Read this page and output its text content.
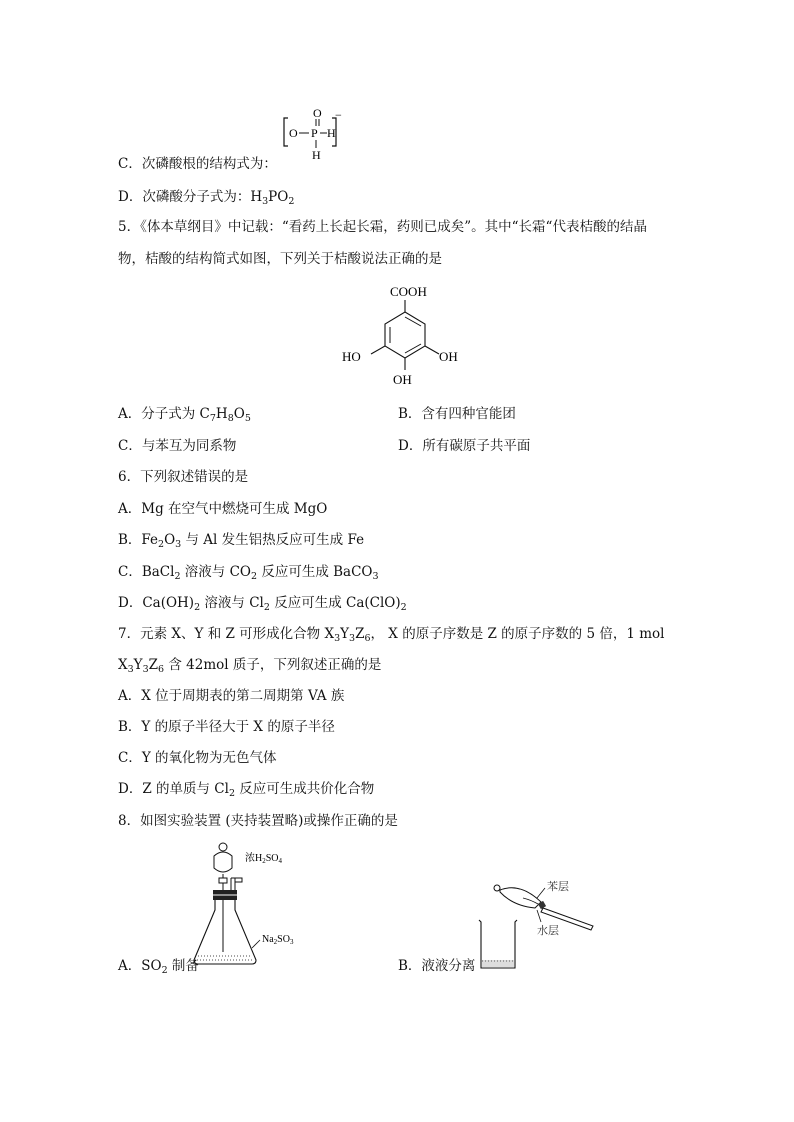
O
O P H
H
−
C．次磷酸根的结构式为：
D．次磷酸分子式为：$H_3PO_2$
5．《体本草纲目》中记载：“看药上长起长霜，药则已成矣”。其中“长霜“代表桔酸的结晶
物，桔酸的结构简式如图，下列关于桔酸说法正确的是
COOH
HO	OH
OH
A．分子式为 $C_7H_8O_5$	B．含有四种官能团
C．与苯互为同系物	D．所有碳原子共平面
6．下列叙述错误的是
A．Mg 在空气中燃烧可生成 MgO
B．$Fe_2O_3$ 与 Al 发生铝热反应可生成 Fe
C．BaCl$_2$ 溶液与 $CO_2$ 反应可生成 BaCO$_3$
D．$Ca(OH)_2$ 溶液与 $Cl_2$ 反应可生成 $Ca(ClO)_2$
7．元素 X、Y 和 Z 可形成化合物 $X_3Y_3Z_6$， X 的原子序数是 Z 的原子序数的 5 倍，1 mol
$X_3Y_3Z_6$ 含 42mol 质子，下列叙述正确的是
A．X 位于周期表的第二周期第 VA 族
B．Y 的原子半径大于 X 的原子半径
C．Y 的氧化物为无色气体
D．Z 的单质与 $Cl_2$ 反应可生成共价化合物
8．如图实验装置 (夹持装置略)或操作正确的是
浓$H_2SO_4$
$Na_2SO_3$
苯层
水层
A．$SO_2$ 制备	B．液液分离
